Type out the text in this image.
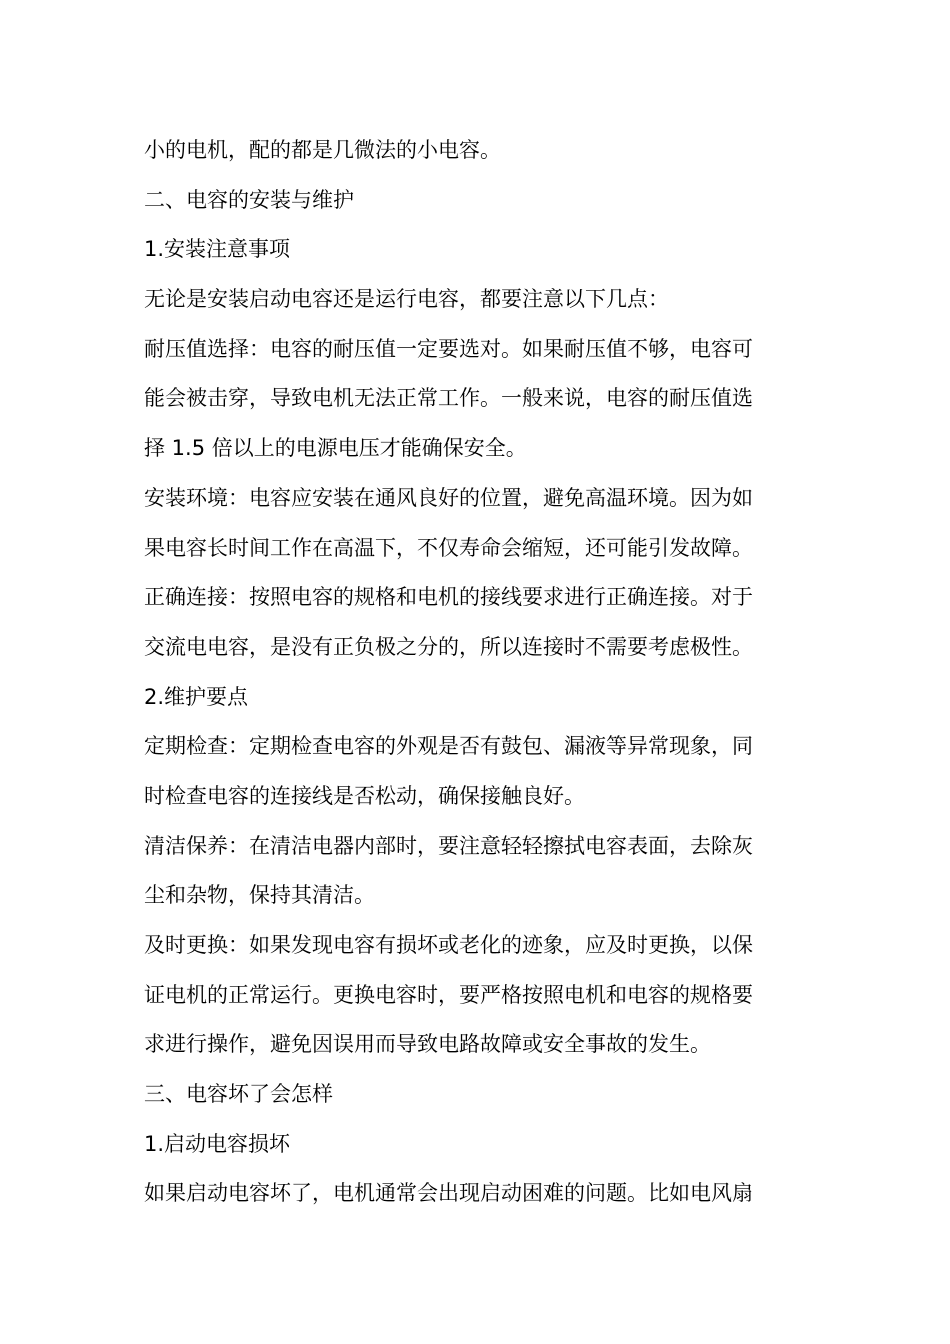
小的电机，配的都是几微法的小电容。
二、电容的安装与维护
1.安装注意事项
无论是安装启动电容还是运行电容，都要注意以下几点：
耐压值选择：电容的耐压值一定要选对。如果耐压值不够，电容可
能会被击穿，导致电机无法正常工作。一般来说，电容的耐压值选
择 1.5 倍以上的电源电压才能确保安全。
安装环境：电容应安装在通风良好的位置，避免高温环境。因为如
果电容长时间工作在高温下，不仅寿命会缩短，还可能引发故障。
正确连接：按照电容的规格和电机的接线要求进行正确连接。对于
交流电电容，是没有正负极之分的，所以连接时不需要考虑极性。
2.维护要点
定期检查：定期检查电容的外观是否有鼓包、漏液等异常现象，同
时检查电容的连接线是否松动，确保接触良好。
清洁保养：在清洁电器内部时，要注意轻轻擦拭电容表面，去除灰
尘和杂物，保持其清洁。
及时更换：如果发现电容有损坏或老化的迹象，应及时更换，以保
证电机的正常运行。更换电容时，要严格按照电机和电容的规格要
求进行操作，避免因误用而导致电路故障或安全事故的发生。
三、电容坏了会怎样
1.启动电容损坏
如果启动电容坏了，电机通常会出现启动困难的问题。比如电风扇
